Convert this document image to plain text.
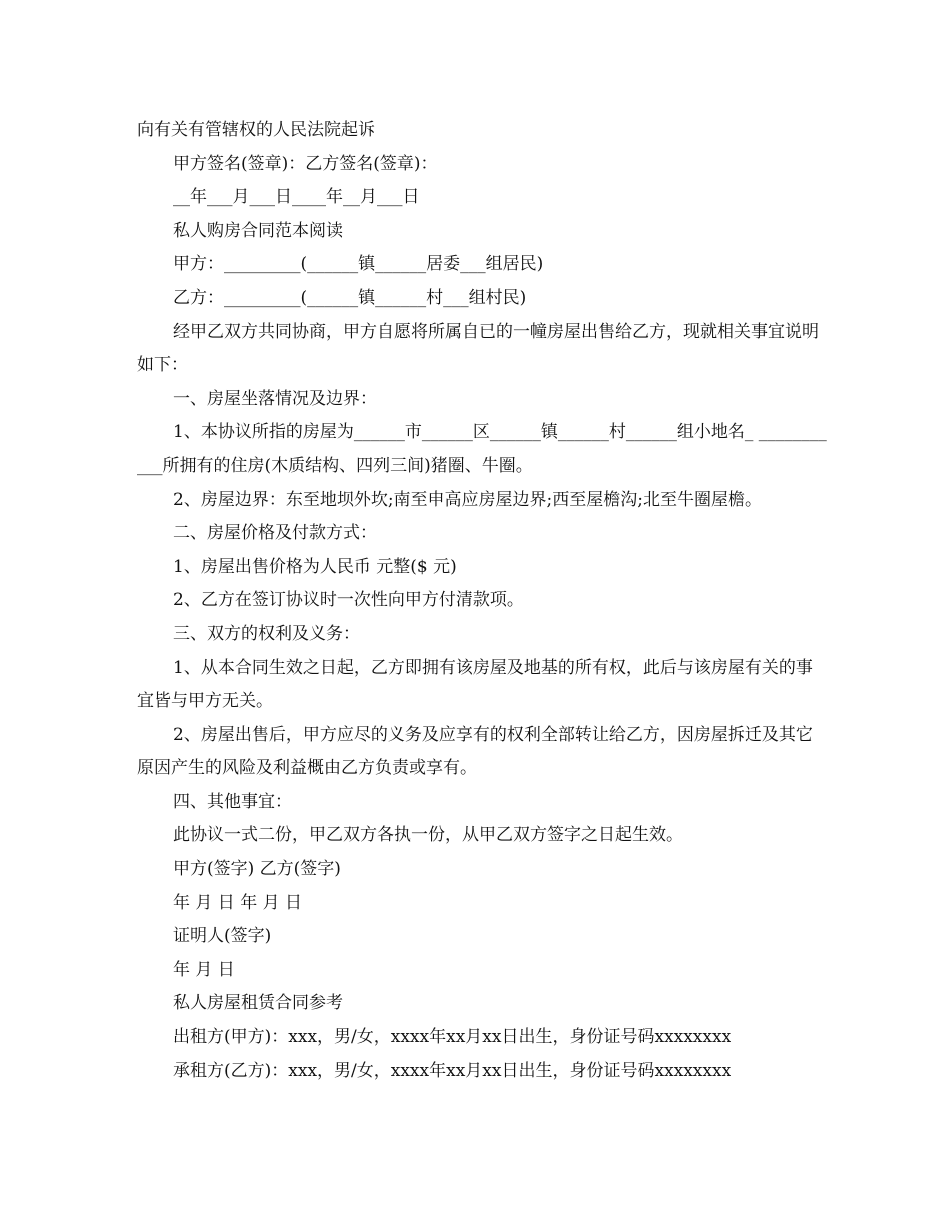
向有关有管辖权的人民法院起诉

甲方签名(签章)：乙方签名(签章)：

__年___月___日____年__月___日

私人购房合同范本阅读

甲方：_________(______镇______居委___组居民)

乙方：_________(______镇______村___组村民)

经甲乙双方共同协商，甲方自愿将所属自已的一幢房屋出售给乙方，现就相关事宜说明如下：

一、房屋坐落情况及边界：

1、本协议所指的房屋为______市______区______镇______村______组小地名_ ___________所拥有的住房(木质结构、四列三间)猪圈、牛圈。

2、房屋边界：东至地坝外坎;南至申高应房屋边界;西至屋檐沟;北至牛圈屋檐。

二、房屋价格及付款方式：

1、房屋出售价格为人民币 元整($ 元)

2、乙方在签订协议时一次性向甲方付清款项。

三、双方的权利及义务：

1、从本合同生效之日起，乙方即拥有该房屋及地基的所有权，此后与该房屋有关的事宜皆与甲方无关。

2、房屋出售后，甲方应尽的义务及应享有的权利全部转让给乙方，因房屋拆迁及其它原因产生的风险及利益概由乙方负责或享有。

四、其他事宜：

此协议一式二份，甲乙双方各执一份，从甲乙双方签字之日起生效。

甲方(签字) 乙方(签字)

年 月 日 年 月 日

证明人(签字)

年 月 日

私人房屋租赁合同参考

出租方(甲方)：xxx，男/女，xxxx年xx月xx日出生，身份证号码xxxxxxxx

承租方(乙方)：xxx，男/女，xxxx年xx月xx日出生，身份证号码xxxxxxxx
